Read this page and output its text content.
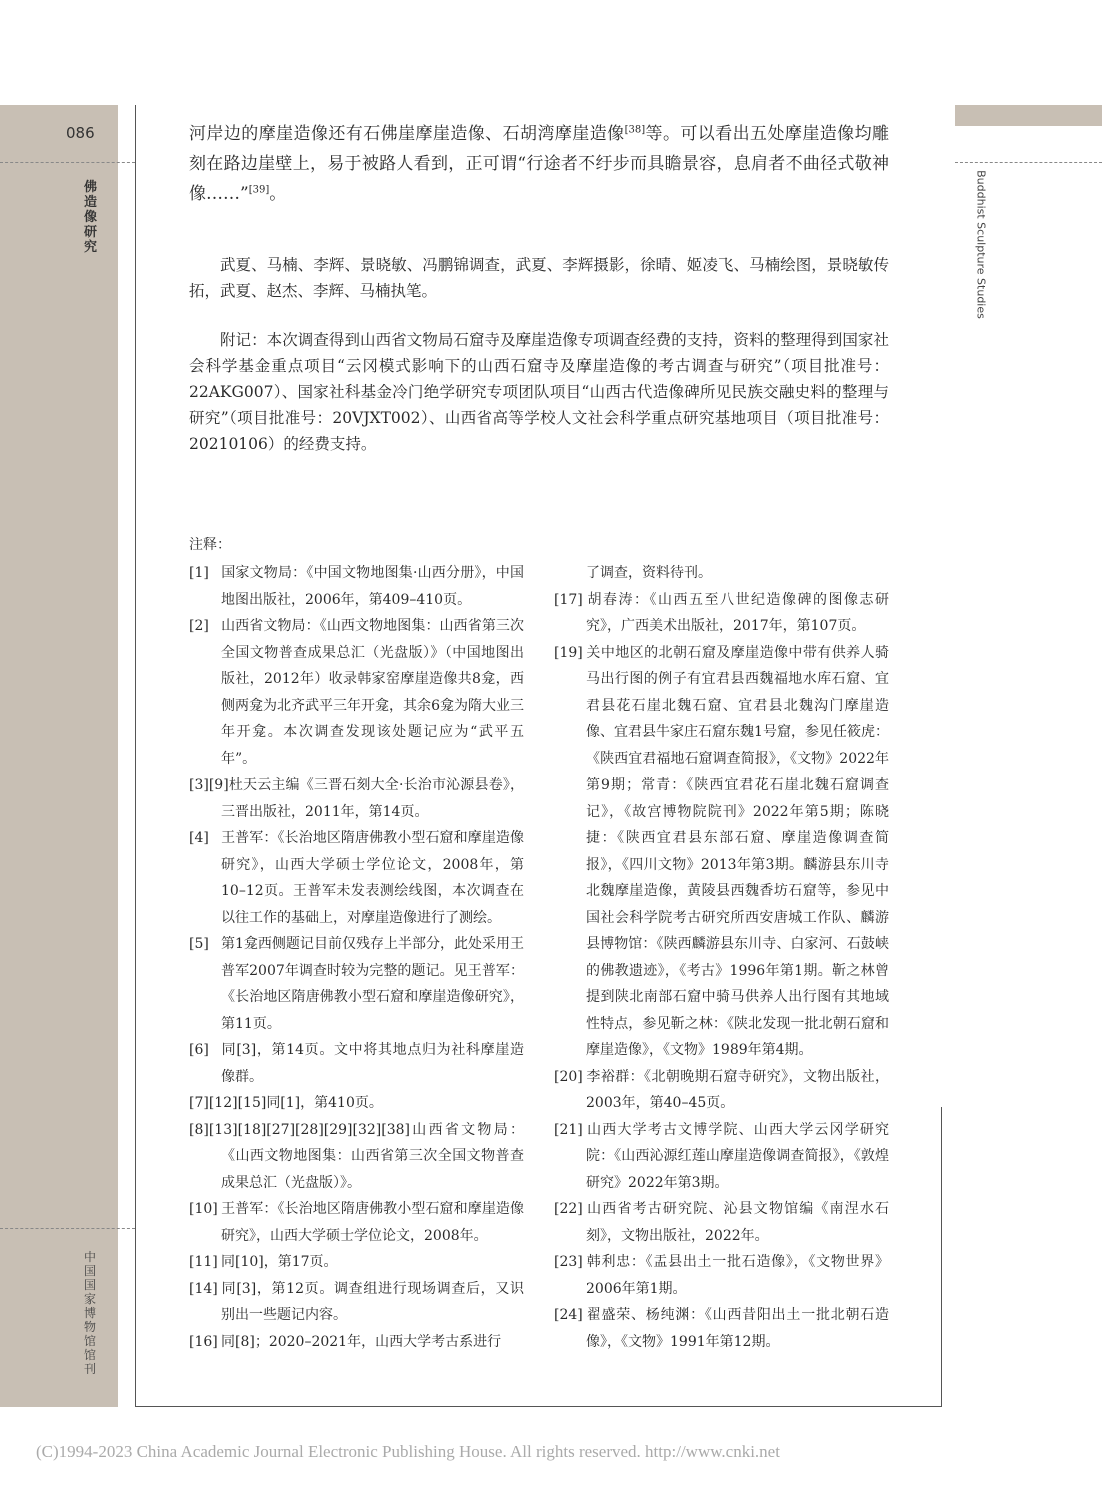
086
佛造像研究
中国国家博物馆馆刊
Buddhist Sculpture Studies

河岸边的摩崖造像还有石佛崖摩崖造像、石胡湾摩崖造像[38]等。可以看出五处摩崖造像均雕刻在路边崖壁上，易于被路人看到，正可谓“行途者不纡步而具瞻景容，息肩者不曲径式敬神像……”[39]。

武夏、马楠、李辉、景晓敏、冯鹏锦调查，武夏、李辉摄影，徐晴、姬凌飞、马楠绘图，景晓敏传拓，武夏、赵杰、李辉、马楠执笔。

附记：本次调查得到山西省文物局石窟寺及摩崖造像专项调查经费的支持，资料的整理得到国家社会科学基金重点项目“云冈模式影响下的山西石窟寺及摩崖造像的考古调查与研究”（项目批准号：22AKG007）、国家社科基金冷门绝学研究专项团队项目“山西古代造像碑所见民族交融史料的整理与研究”（项目批准号：20VJXT002）、山西省高等学校人文社会科学重点研究基地项目（项目批准号：20210106）的经费支持。

注释：

[1] 国家文物局：《中国文物地图集·山西分册》，中国地图出版社，2006年，第409–410页。
[2] 山西省文物局：《山西文物地图集：山西省第三次全国文物普查成果总汇（光盘版）》（中国地图出版社，2012年）收录韩家窑摩崖造像共8龛，西侧两龛为北齐武平三年开龛，其余6龛为隋大业三年开龛。本次调查发现该处题记应为“武平五年”。
[3][9]杜天云主编《三晋石刻大全·长治市沁源县卷》，三晋出版社，2011年，第14页。
[4] 王普军：《长治地区隋唐佛教小型石窟和摩崖造像研究》，山西大学硕士学位论文，2008年，第10–12页。王普军未发表测绘线图，本次调查在以往工作的基础上，对摩崖造像进行了测绘。
[5] 第1龛西侧题记目前仅残存上半部分，此处采用王普军2007年调查时较为完整的题记。见王普军：《长治地区隋唐佛教小型石窟和摩崖造像研究》，第11页。
[6] 同[3]，第14页。文中将其地点归为社科摩崖造像群。
[7][12][15]同[1]，第410页。
[8][13][18][27][28][29][32][38]山西省文物局：《山西文物地图集：山西省第三次全国文物普查成果总汇（光盘版）》。
[10] 王普军：《长治地区隋唐佛教小型石窟和摩崖造像研究》，山西大学硕士学位论文，2008年。
[11] 同[10]，第17页。
[14] 同[3]，第12页。调查组进行现场调查后，又识别出一些题记内容。
[16] 同[8]；2020–2021年，山西大学考古系进行
了调查，资料待刊。
[17] 胡春涛：《山西五至八世纪造像碑的图像志研究》，广西美术出版社，2017年，第107页。
[19] 关中地区的北朝石窟及摩崖造像中带有供养人骑马出行图的例子有宜君县西魏福地水库石窟、宜君县花石崖北魏石窟、宜君县北魏沟门摩崖造像、宜君县牛家庄石窟东魏1号窟，参见任筱虎：《陕西宜君福地石窟调查简报》，《文物》2022年第9期；常青：《陕西宜君花石崖北魏石窟调查记》，《故宫博物院院刊》2022年第5期；陈晓捷：《陕西宜君县东部石窟、摩崖造像调查简报》，《四川文物》2013年第3期。麟游县东川寺北魏摩崖造像，黄陵县西魏香坊石窟等，参见中国社会科学院考古研究所西安唐城工作队、麟游县博物馆：《陕西麟游县东川寺、白家河、石鼓峡的佛教遗迹》，《考古》1996年第1期。靳之林曾提到陕北南部石窟中骑马供养人出行图有其地域性特点，参见靳之林：《陕北发现一批北朝石窟和摩崖造像》，《文物》1989年第4期。
[20] 李裕群：《北朝晚期石窟寺研究》，文物出版社，2003年，第40–45页。
[21] 山西大学考古文博学院、山西大学云冈学研究院：《山西沁源红莲山摩崖造像调查简报》，《敦煌研究》2022年第3期。
[22] 山西省考古研究院、沁县文物馆编《南涅水石刻》，文物出版社，2022年。
[23] 韩利忠：《盂县出土一批石造像》，《文物世界》2006年第1期。
[24] 翟盛荣、杨纯渊：《山西昔阳出土一批北朝石造像》，《文物》1991年第12期。
(C)1994-2023 China Academic Journal Electronic Publishing House. All rights reserved. http://www.cnki.net
